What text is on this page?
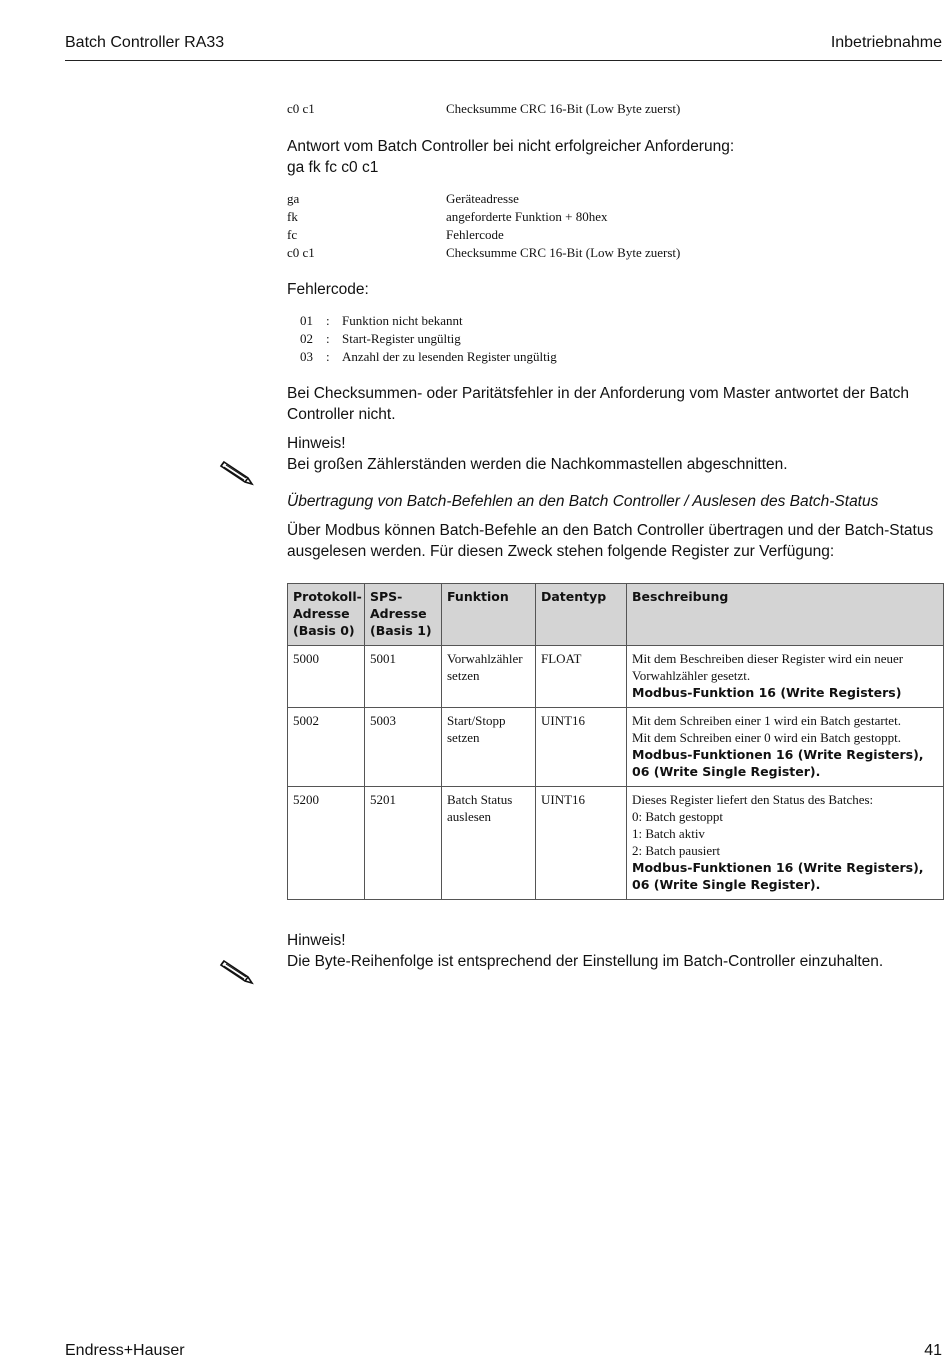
Batch Controller RA33	Inbetriebnahme
c0 c1	Checksumme CRC 16-Bit (Low Byte zuerst)
Antwort vom Batch Controller bei nicht erfolgreicher Anforderung:
ga fk fc c0 c1
ga	Geräteadresse
fk	angeforderte Funktion + 80hex
fc	Fehlercode
c0 c1	Checksumme CRC 16-Bit (Low Byte zuerst)
Fehlercode:
01	: Funktion nicht bekannt
02	: Start-Register ungültig
03	: Anzahl der zu lesenden Register ungültig
Bei Checksummen- oder Paritätsfehler in der Anforderung vom Master antwortet der Batch Controller nicht.
Hinweis!
Bei großen Zählerständen werden die Nachkommastellen abgeschnitten.
Übertragung von Batch-Befehlen an den Batch Controller / Auslesen des Batch-Status
Über Modbus können Batch-Befehle an den Batch Controller übertragen und der Batch-Status ausgelesen werden. Für diesen Zweck stehen folgende Register zur Verfügung:
Protokoll-Adresse (Basis 0)	SPS-Adresse (Basis 1)	Funktion	Datentyp	Beschreibung
5000	5001	Vorwahlzähler setzen	FLOAT	Mit dem Beschreiben dieser Register wird ein neuer Vorwahlzähler gesetzt.
Modbus-Funktion 16 (Write Registers)

5002	5003	Start/Stopp setzen	UINT16	Mit dem Schreiben einer 1 wird ein Batch gestartet.
Mit dem Schreiben einer 0 wird ein Batch gestoppt.
Modbus-Funktionen 16 (Write Registers), 06 (Write Single Register).

5200	5201	Batch Status auslesen	UINT16	Dieses Register liefert den Status des Batches:
0: Batch gestoppt
1: Batch aktiv
2: Batch pausiert
Modbus-Funktionen 16 (Write Registers), 06 (Write Single Register).
Hinweis!
Die Byte-Reihenfolge ist entsprechend der Einstellung im Batch-Controller einzuhalten.
Endress+Hauser	41
